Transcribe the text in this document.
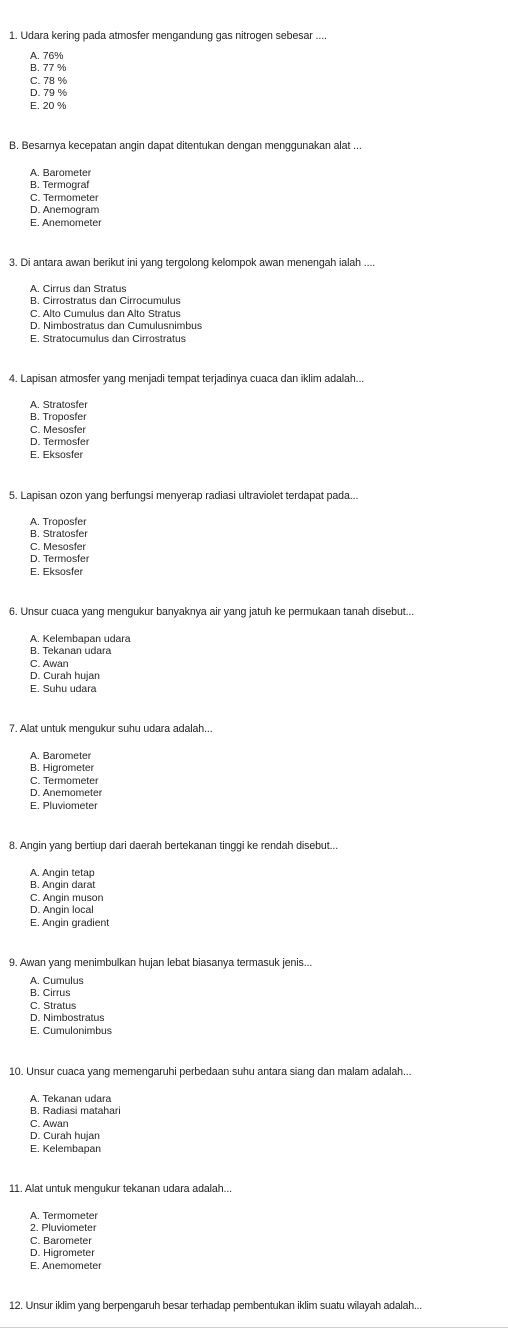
1. Udara kering pada atmosfer mengandung gas nitrogen sebesar ....
A. 76%
B. 77 %
C. 78 %
D. 79 %
E. 20 %
B. Besarnya kecepatan angin dapat ditentukan dengan menggunakan alat ...
A. Barometer
B. Termograf
C. Termometer
D. Anemogram
E. Anemometer
3. Di antara awan berikut ini yang tergolong kelompok awan menengah ialah ....
A. Cirrus dan Stratus
B. Cirrostratus dan Cirrocumulus
C. Alto Cumulus dan Alto Stratus
D. Nimbostratus dan Cumulusnimbus
E. Stratocumulus dan Cirrostratus
4. Lapisan atmosfer yang menjadi tempat terjadinya cuaca dan iklim adalah...
A. Stratosfer
B. Troposfer
C. Mesosfer
D. Termosfer
E. Eksosfer
5. Lapisan ozon yang berfungsi menyerap radiasi ultraviolet terdapat pada...
A. Troposfer
B. Stratosfer
C. Mesosfer
D. Termosfer
E. Eksosfer
6. Unsur cuaca yang mengukur banyaknya air yang jatuh ke permukaan tanah disebut...
A. Kelembapan udara
B. Tekanan udara
C. Awan
D. Curah hujan
E. Suhu udara
7. Alat untuk mengukur suhu udara adalah...
A. Barometer
B. Higrometer
C. Termometer
D. Anemometer
E. Pluviometer
8. Angin yang bertiup dari daerah bertekanan tinggi ke rendah disebut...
A. Angin tetap
B. Angin darat
C. Angin muson
D. Angin local
E. Angin gradient
9. Awan yang menimbulkan hujan lebat biasanya termasuk jenis...
A. Cumulus
B. Cirrus
C. Stratus
D. Nimbostratus
E. Cumulonimbus
10. Unsur cuaca yang memengaruhi perbedaan suhu antara siang dan malam adalah...
A. Tekanan udara
B. Radiasi matahari
C. Awan
D. Curah hujan
E. Kelembapan
11. Alat untuk mengukur tekanan udara adalah...
A. Termometer
2. Pluviometer
C. Barometer
D. Higrometer
E. Anemometer
12. Unsur iklim yang berpengaruh besar terhadap pembentukan iklim suatu wilayah adalah...
